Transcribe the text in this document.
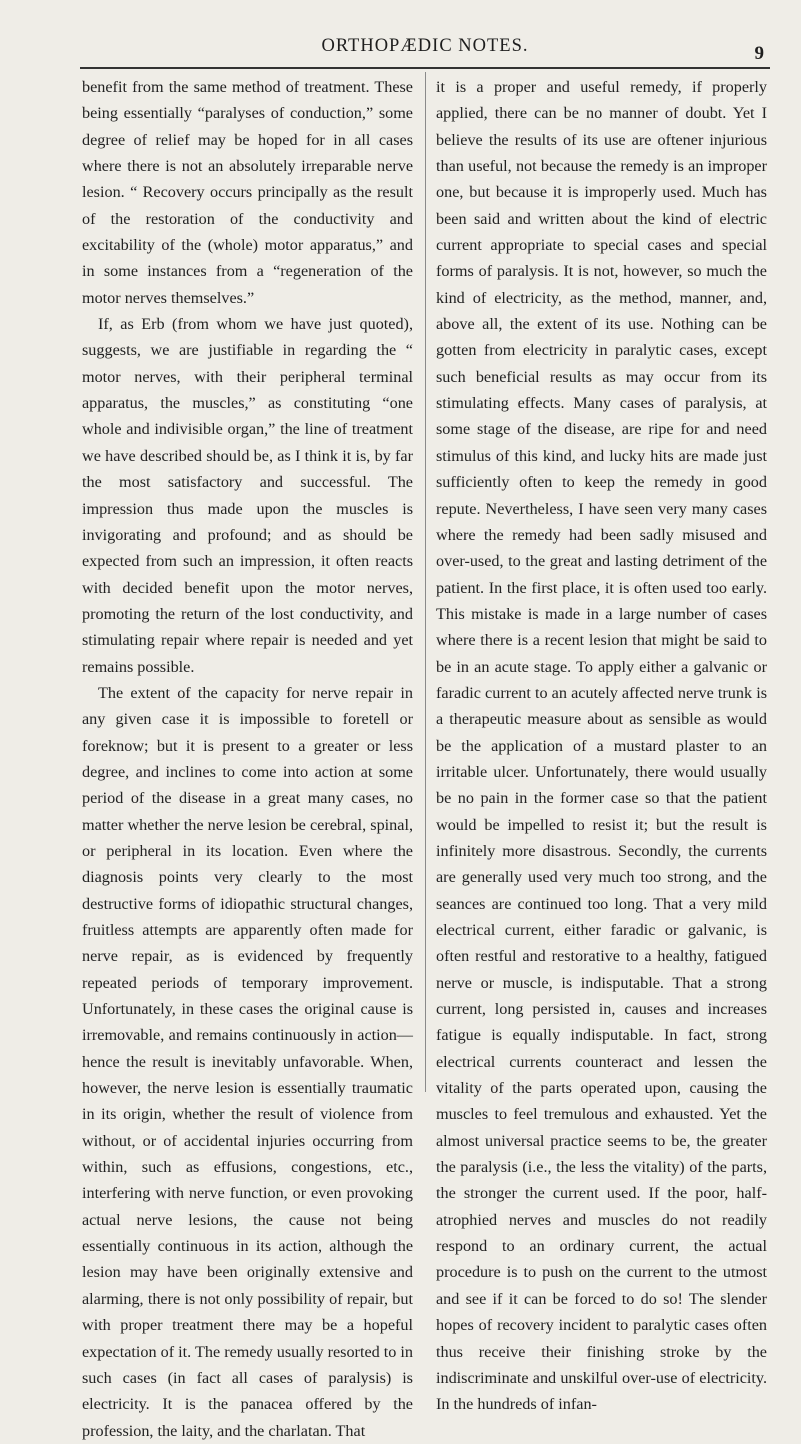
ORTHOPÆDIC NOTES.	9

benefit from the same method of treatment. These being essentially “paralyses of conduction,” some degree of relief may be hoped for in all cases where there is not an absolutely irreparable nerve lesion. “ Recovery occurs principally as the result of the restoration of the conductivity and excitability of the (whole) motor apparatus,” and in some instances from a “regeneration of the motor nerves themselves.”

If, as Erb (from whom we have just quoted), suggests, we are justifiable in regarding the “ motor nerves, with their peripheral terminal apparatus, the muscles,” as constituting “one whole and indivisible organ,” the line of treatment we have described should be, as I think it is, by far the most satisfactory and successful. The impression thus made upon the muscles is invigorating and profound; and as should be expected from such an impression, it often reacts with decided benefit upon the motor nerves, promoting the return of the lost conductivity, and stimulating repair where repair is needed and yet remains possible.

The extent of the capacity for nerve repair in any given case it is impossible to foretell or foreknow; but it is present to a greater or less degree, and inclines to come into action at some period of the disease in a great many cases, no matter whether the nerve lesion be cerebral, spinal, or peripheral in its location. Even where the diagnosis points very clearly to the most destructive forms of idiopathic structural changes, fruitless attempts are apparently often made for nerve repair, as is evidenced by frequently repeated periods of temporary improvement. Unfortunately, in these cases the original cause is irremovable, and remains continuously in action—hence the result is inevitably unfavorable. When, however, the nerve lesion is essentially traumatic in its origin, whether the result of violence from without, or of accidental injuries occurring from within, such as effusions, congestions, etc., interfering with nerve function, or even provoking actual nerve lesions, the cause not being essentially continuous in its action, although the lesion may have been originally extensive and alarming, there is not only possibility of repair, but with proper treatment there may be a hopeful expectation of it. The remedy usually resorted to in such cases (in fact all cases of paralysis) is electricity. It is the panacea offered by the profession, the laity, and the charlatan. That

it is a proper and useful remedy, if properly applied, there can be no manner of doubt. Yet I believe the results of its use are oftener injurious than useful, not because the remedy is an improper one, but because it is improperly used. Much has been said and written about the kind of electric current appropriate to special cases and special forms of paralysis. It is not, however, so much the kind of electricity, as the method, manner, and, above all, the extent of its use. Nothing can be gotten from electricity in paralytic cases, except such beneficial results as may occur from its stimulating effects. Many cases of paralysis, at some stage of the disease, are ripe for and need stimulus of this kind, and lucky hits are made just sufficiently often to keep the remedy in good repute. Nevertheless, I have seen very many cases where the remedy had been sadly misused and over-used, to the great and lasting detriment of the patient. In the first place, it is often used too early. This mistake is made in a large number of cases where there is a recent lesion that might be said to be in an acute stage. To apply either a galvanic or faradic current to an acutely affected nerve trunk is a therapeutic measure about as sensible as would be the application of a mustard plaster to an irritable ulcer. Unfortunately, there would usually be no pain in the former case so that the patient would be impelled to resist it; but the result is infinitely more disastrous. Secondly, the currents are generally used very much too strong, and the seances are continued too long. That a very mild electrical current, either faradic or galvanic, is often restful and restorative to a healthy, fatigued nerve or muscle, is indisputable. That a strong current, long persisted in, causes and increases fatigue is equally indisputable. In fact, strong electrical currents counteract and lessen the vitality of the parts operated upon, causing the muscles to feel tremulous and exhausted. Yet the almost universal practice seems to be, the greater the paralysis (i.e., the less the vitality) of the parts, the stronger the current used. If the poor, half-atrophied nerves and muscles do not readily respond to an ordinary current, the actual procedure is to push on the current to the utmost and see if it can be forced to do so! The slender hopes of recovery incident to paralytic cases often thus receive their finishing stroke by the indiscriminate and unskilful over-use of electricity. In the hundreds of infan-
